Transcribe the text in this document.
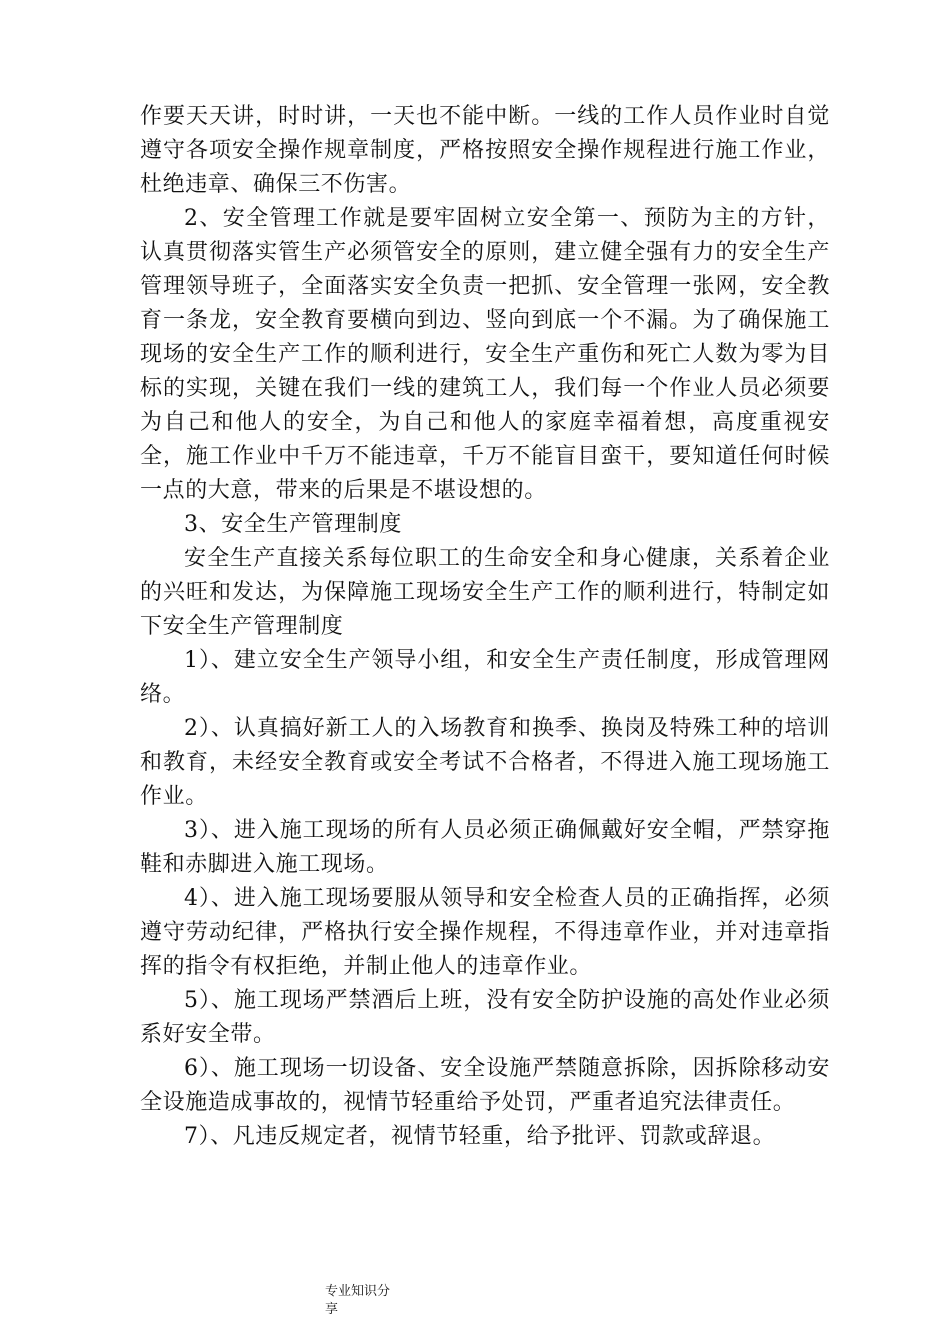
作要天天讲，时时讲，一天也不能中断。一线的工作人员作业时自觉遵守各项安全操作规章制度，严格按照安全操作规程进行施工作业，杜绝违章、确保三不伤害。

2、安全管理工作就是要牢固树立安全第一、预防为主的方针，认真贯彻落实管生产必须管安全的原则，建立健全强有力的安全生产管理领导班子，全面落实安全负责一把抓、安全管理一张网，安全教育一条龙，安全教育要横向到边、竖向到底一个不漏。为了确保施工现场的安全生产工作的顺利进行，安全生产重伤和死亡人数为零为目标的实现，关键在我们一线的建筑工人，我们每一个作业人员必须要为自己和他人的安全，为自己和他人的家庭幸福着想，高度重视安全，施工作业中千万不能违章，千万不能盲目蛮干，要知道任何时候一点的大意，带来的后果是不堪设想的。

3、安全生产管理制度

安全生产直接关系每位职工的生命安全和身心健康，关系着企业的兴旺和发达，为保障施工现场安全生产工作的顺利进行，特制定如下安全生产管理制度

1）、建立安全生产领导小组，和安全生产责任制度，形成管理网络。

2）、认真搞好新工人的入场教育和换季、换岗及特殊工种的培训和教育，未经安全教育或安全考试不合格者，不得进入施工现场施工作业。

3）、进入施工现场的所有人员必须正确佩戴好安全帽，严禁穿拖鞋和赤脚进入施工现场。

4）、进入施工现场要服从领导和安全检查人员的正确指挥，必须遵守劳动纪律，严格执行安全操作规程，不得违章作业，并对违章指挥的指令有权拒绝，并制止他人的违章作业。

5）、施工现场严禁酒后上班，没有安全防护设施的高处作业必须系好安全带。

6）、施工现场一切设备、安全设施严禁随意拆除，因拆除移动安全设施造成事故的，视情节轻重给予处罚，严重者追究法律责任。

7）、凡违反规定者，视情节轻重，给予批评、罚款或辞退。

专业知识分享
